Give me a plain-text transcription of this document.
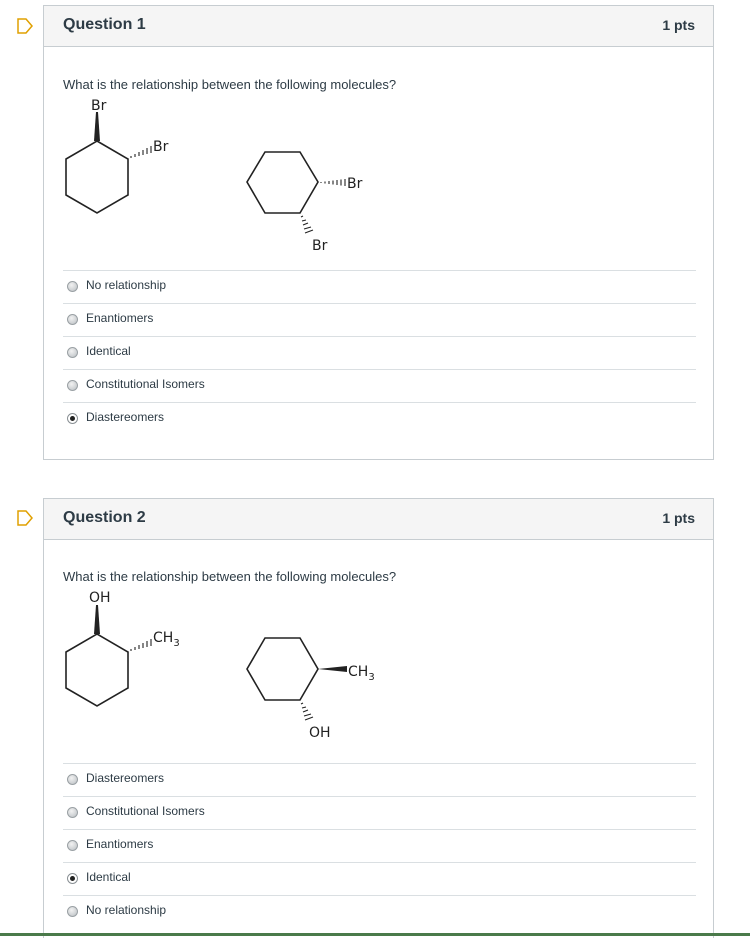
Question 1	1 pts
What is the relationship between the following molecules?
Br
Br
Br
Br
No relationship
Enantiomers
Identical
Constitutional Isomers
Diastereomers
Question 2	1 pts
What is the relationship between the following molecules?
OH
$CH_3$
$CH_3$
OH
Diastereomers
Constitutional Isomers
Enantiomers
Identical
No relationship
